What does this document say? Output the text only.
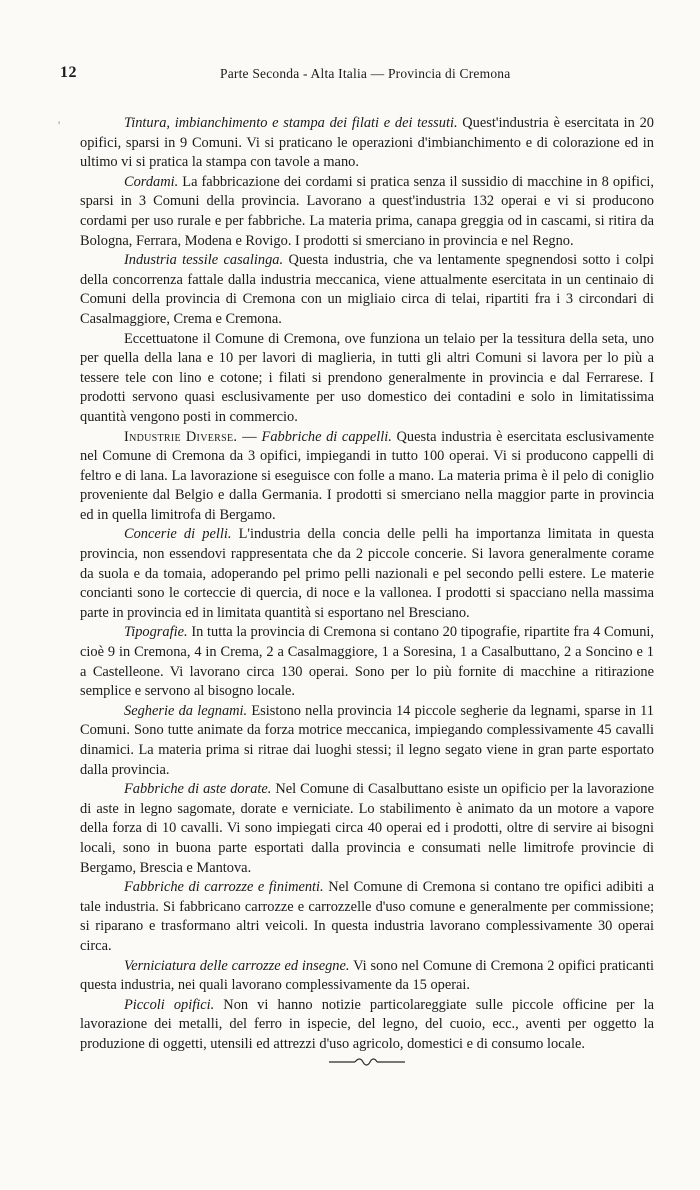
12	Parte Seconda - Alta Italia — Provincia di Cremona
'	Tintura, imbianchimento e stampa dei filati e dei tessuti. Quest'industria è esercitata in 20 opifici, sparsi in 9 Comuni. Vi si praticano le operazioni d'imbianchimento e di colorazione ed in ultimo vi si pratica la stampa con tavole a mano.

Cordami. La fabbricazione dei cordami si pratica senza il sussidio di macchine in 8 opifici, sparsi in 3 Comuni della provincia. Lavorano a quest'industria 132 operai e vi si producono cordami per uso rurale e per fabbriche. La materia prima, canapa greggia od in cascami, si ritira da Bologna, Ferrara, Modena e Rovigo. I prodotti si smerciano in provincia e nel Regno.

Industria tessile casalinga. Questa industria, che va lentamente spegnendosi sotto i colpi della concorrenza fattale dalla industria meccanica, viene attualmente esercitata in un centinaio di Comuni della provincia di Cremona con un migliaio circa di telai, ripartiti fra i 3 circondari di Casalmaggiore, Crema e Cremona.

Eccettuatone il Comune di Cremona, ove funziona un telaio per la tessitura della seta, uno per quella della lana e 10 per lavori di maglieria, in tutti gli altri Comuni si lavora per lo più a tessere tele con lino e cotone; i filati si prendono generalmente in provincia e dal Ferrarese. I prodotti servono quasi esclusivamente per uso domestico dei contadini e solo in limitatissima quantità vengono posti in commercio.

Industrie Diverse. — Fabbriche di cappelli. Questa industria è esercitata esclusivamente nel Comune di Cremona da 3 opifici, impiegandi in tutto 100 operai. Vi si producono cappelli di feltro e di lana. La lavorazione si eseguisce con folle a mano. La materia prima è il pelo di coniglio proveniente dal Belgio e dalla Germania. I prodotti si smerciano nella maggior parte in provincia ed in quella limitrofa di Bergamo.

Concerie di pelli. L'industria della concia delle pelli ha importanza limitata in questa provincia, non essendovi rappresentata che da 2 piccole concerie. Si lavora generalmente corame da suola e da tomaia, adoperando pel primo pelli nazionali e pel secondo pelli estere. Le materie concianti sono le corteccie di quercia, di noce e la vallonea. I prodotti si spacciano nella massima parte in provincia ed in limitata quantità si esportano nel Bresciano.

Tipografie. In tutta la provincia di Cremona si contano 20 tipografie, ripartite fra 4 Comuni, cioè 9 in Cremona, 4 in Crema, 2 a Casalmaggiore, 1 a Soresina, 1 a Casalbuttano, 2 a Soncino e 1 a Castelleone. Vi lavorano circa 130 operai. Sono per lo più fornite di macchine a ritirazione semplice e servono al bisogno locale.

Segherie da legnami. Esistono nella provincia 14 piccole segherie da legnami, sparse in 11 Comuni. Sono tutte animate da forza motrice meccanica, impiegando complessivamente 45 cavalli dinamici. La materia prima si ritrae dai luoghi stessi; il legno segato viene in gran parte esportato dalla provincia.

Fabbriche di aste dorate. Nel Comune di Casalbuttano esiste un opificio per la lavorazione di aste in legno sagomate, dorate e verniciate. Lo stabilimento è animato da un motore a vapore della forza di 10 cavalli. Vi sono impiegati circa 40 operai ed i prodotti, oltre di servire ai bisogni locali, sono in buona parte esportati dalla provincia e consumati nelle limitrofe provincie di Bergamo, Brescia e Mantova.

Fabbriche di carrozze e finimenti. Nel Comune di Cremona si contano tre opifici adibiti a tale industria. Si fabbricano carrozze e carrozzelle d'uso comune e generalmente per commissione; si riparano e trasformano altri veicoli. In questa industria lavorano complessivamente 30 operai circa.

Verniciatura delle carrozze ed insegne. Vi sono nel Comune di Cremona 2 opifici praticanti questa industria, nei quali lavorano complessivamente da 15 operai.

Piccoli opifici. Non vi hanno notizie particolareggiate sulle piccole officine per la lavorazione dei metalli, del ferro in ispecie, del legno, del cuoio, ecc., aventi per oggetto la produzione di oggetti, utensili ed attrezzi d'uso agricolo, domestici e di consumo locale.
